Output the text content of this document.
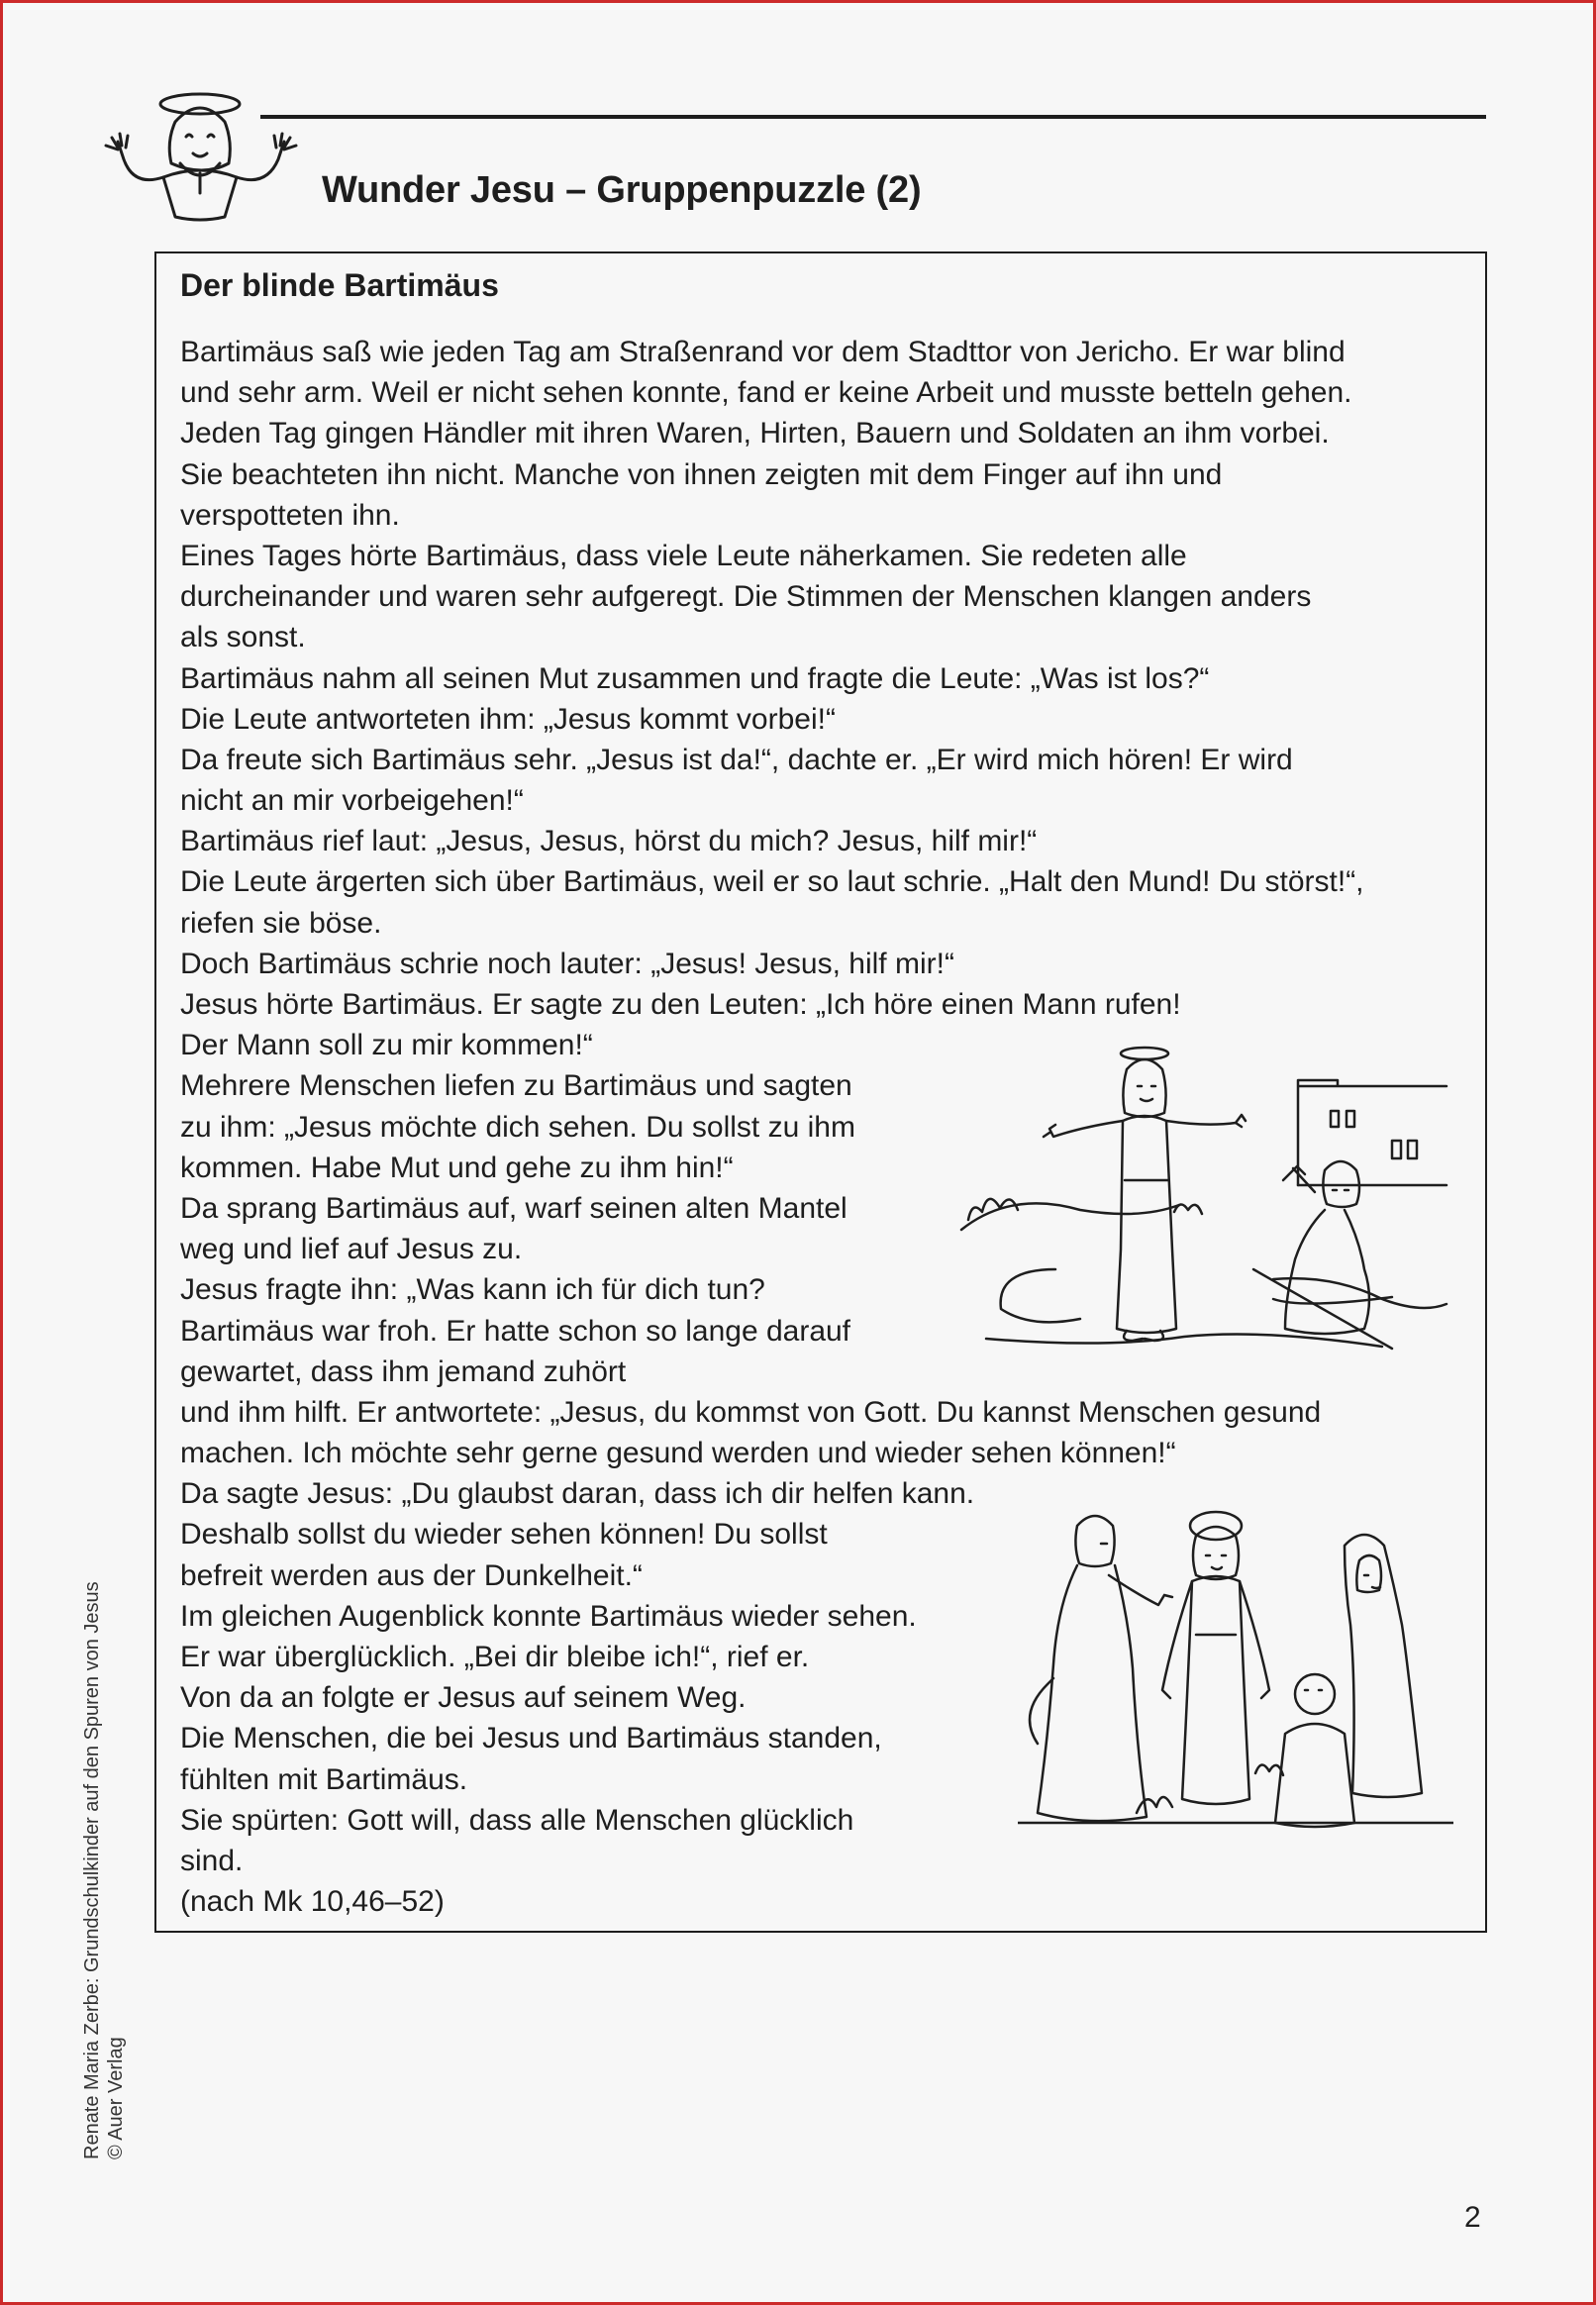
Wunder Jesu – Gruppenpuzzle (2)
Der blinde Bartimäus
Bartimäus saß wie jeden Tag am Straßenrand vor dem Stadttor von Jericho. Er war blind
und sehr arm. Weil er nicht sehen konnte, fand er keine Arbeit und musste betteln gehen.
Jeden Tag gingen Händler mit ihren Waren, Hirten, Bauern und Soldaten an ihm vorbei.
Sie beachteten ihn nicht. Manche von ihnen zeigten mit dem Finger auf ihn und
verspotteten ihn.
Eines Tages hörte Bartimäus, dass viele Leute näherkamen. Sie redeten alle
durcheinander und waren sehr aufgeregt. Die Stimmen der Menschen klangen anders
als sonst.
Bartimäus nahm all seinen Mut zusammen und fragte die Leute: „Was ist los?“
Die Leute antworteten ihm: „Jesus kommt vorbei!“
Da freute sich Bartimäus sehr. „Jesus ist da!“, dachte er. „Er wird mich hören! Er wird
nicht an mir vorbeigehen!“
Bartimäus rief laut: „Jesus, Jesus, hörst du mich? Jesus, hilf mir!“
Die Leute ärgerten sich über Bartimäus, weil er so laut schrie. „Halt den Mund! Du störst!“,
riefen sie böse.
Doch Bartimäus schrie noch lauter: „Jesus! Jesus, hilf mir!“
Jesus hörte Bartimäus. Er sagte zu den Leuten: „Ich höre einen Mann rufen!
Der Mann soll zu mir kommen!“
Mehrere Menschen liefen zu Bartimäus und sagten
zu ihm: „Jesus möchte dich sehen. Du sollst zu ihm
kommen. Habe Mut und gehe zu ihm hin!“
Da sprang Bartimäus auf, warf seinen alten Mantel
weg und lief auf Jesus zu.
Jesus fragte ihn: „Was kann ich für dich tun?
Bartimäus war froh. Er hatte schon so lange darauf
gewartet, dass ihm jemand zuhört
und ihm hilft. Er antwortete: „Jesus, du kommst von Gott. Du kannst Menschen gesund
machen. Ich möchte sehr gerne gesund werden und wieder sehen können!“
Da sagte Jesus: „Du glaubst daran, dass ich dir helfen kann.
Deshalb sollst du wieder sehen können! Du sollst
befreit werden aus der Dunkelheit.“
Im gleichen Augenblick konnte Bartimäus wieder sehen.
Er war überglücklich. „Bei dir bleibe ich!“, rief er.
Von da an folgte er Jesus auf seinem Weg.
Die Menschen, die bei Jesus und Bartimäus standen,
fühlten mit Bartimäus.
Sie spürten: Gott will, dass alle Menschen glücklich
sind.
(nach Mk 10,46–52)
Renate Maria Zerbe: Grundschulkinder auf den Spuren von Jesus © Auer Verlag
2
